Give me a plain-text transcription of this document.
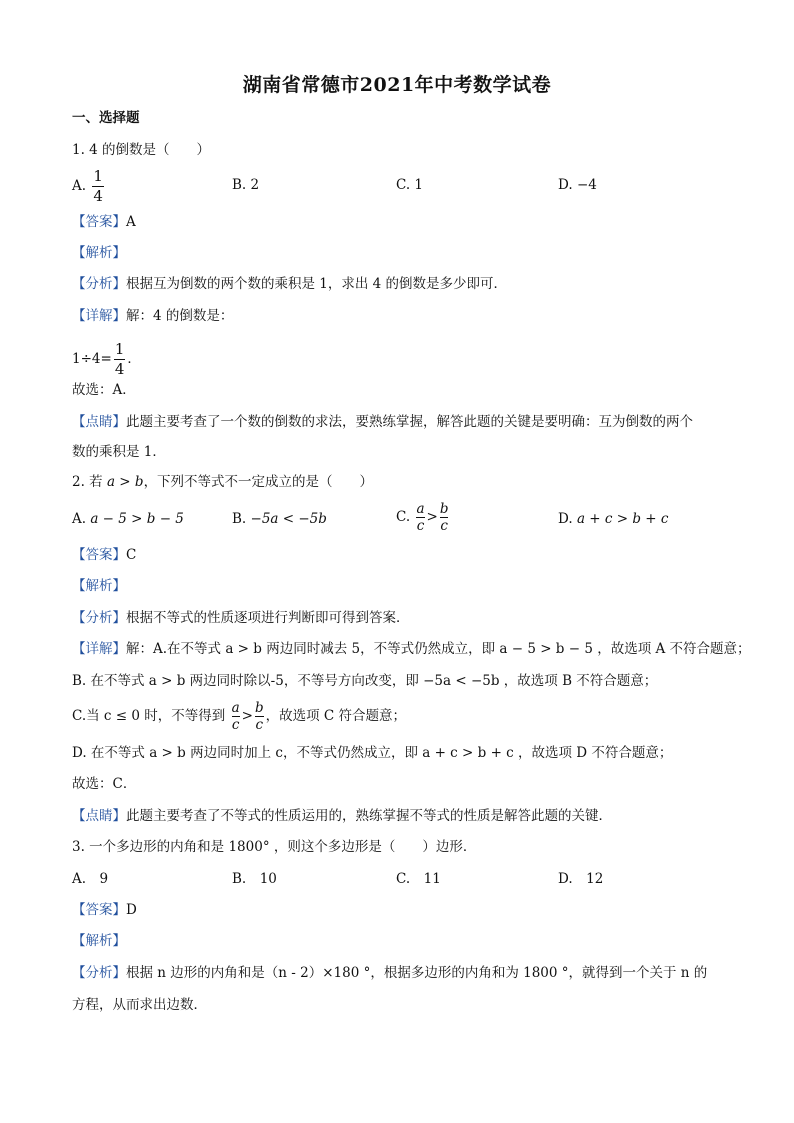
湖南省常德市2021年中考数学试卷
一、选择题
1. 4 的倒数是（　　）
A. $\frac{1}{4}$	B. 2	C. 1	D. −4
【答案】A
【解析】
【分析】根据互为倒数的两个数的乘积是 1，求出 4 的倒数是多少即可．
【详解】解：4 的倒数是：
$1\div 4= \frac{1}{4}$ ．
故选：A．
【点睛】此题主要考查了一个数的倒数的求法，要熟练掌握，解答此题的关键是要明确：互为倒数的两个
数的乘积是 1．
2. 若 a > b，下列不等式不一定成立的是（　　）
A. a − 5 > b − 5	B. −5a < −5b	C. $\frac{a}{c} > \frac{b}{c}$	D. a + c > b + c
【答案】C
【解析】
【分析】根据不等式的性质逐项进行判断即可得到答案．
【详解】解：A.在不等式 a > b 两边同时减去 5，不等式仍然成立，即 a − 5 > b − 5 ，故选项 A 不符合题意；
B. 在不等式 a > b 两边同时除以-5，不等号方向改变，即 −5a < −5b ，故选项 B 不符合题意；
C.当 c ≤ 0 时，不等得到 $\frac{a}{c} > \frac{b}{c}$ ，故选项 C 符合题意；
D. 在不等式 a > b 两边同时加上 c，不等式仍然成立，即 a + c > b + c ，故选项 D 不符合题意；
故选：C．
【点睛】此题主要考查了不等式的性质运用的，熟练掌握不等式的性质是解答此题的关键．
3. 一个多边形的内角和是 1800° ，则这个多边形是（　　）边形．
A.　9	B.　10	C.　11	D.　12
【答案】D
【解析】
【分析】根据 n 边形的内角和是（n - 2）×180 °，根据多边形的内角和为 1800 °，就得到一个关于 n 的
方程，从而求出边数．
